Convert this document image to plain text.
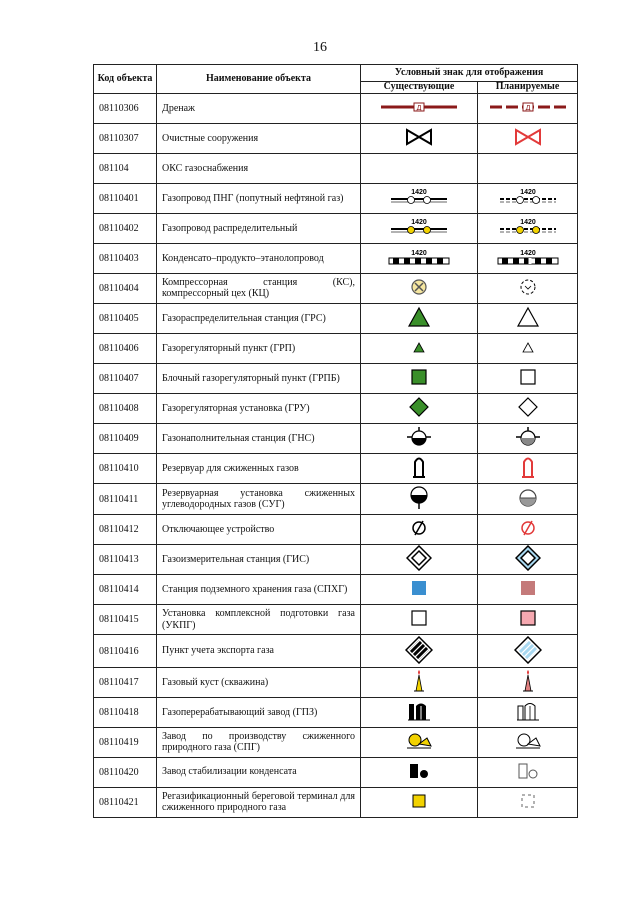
16
Код объекта	Наименование объекта	Условный знак для отображения	
		Существующие	Планируемые
08110306	Дренаж	Д	Д

08110307	Очистные сооружения	

081104	ОКС газоснабжения		
08110401	Газопровод ПНГ (попутный нефтяной газ)	1420	1420

08110402	Газопровод распределительный	1420	1420

08110403	Конденсато–продукто–этанолопровод	1420	1420

08110404	Компрессорная станция (КС), компрессорный цех (КЦ)	

08110405	Газораспределительная станция (ГРС)	

08110406	Газорегуляторный пункт (ГРП)	

08110407	Блочный газорегуляторный пункт (ГРПБ)	

08110408	Газорегуляторная установка (ГРУ)	

08110409	Газонаполнительная станция (ГНС)	

08110410	Резервуар для сжиженных газов	

08110411	Резервуарная установка сжиженных углеводородных газов (СУГ)	

08110412	Отключающее устройство	

08110413	Газоизмерительная станция (ГИС)	

08110414	Станция подземного хранения газа (СПХГ)	

08110415	Установка комплексной подготовки газа (УКПГ)	

08110416	Пункт учета экспорта газа	

08110417	Газовый куст (скважина)	

08110418	Газоперерабатывающий завод (ГПЗ)	

08110419	Завод по производству сжиженного природного газа (СПГ)	

08110420	Завод стабилизации конденсата	

08110421	Регазификационный береговой терминал для сжиженного природного газа	
